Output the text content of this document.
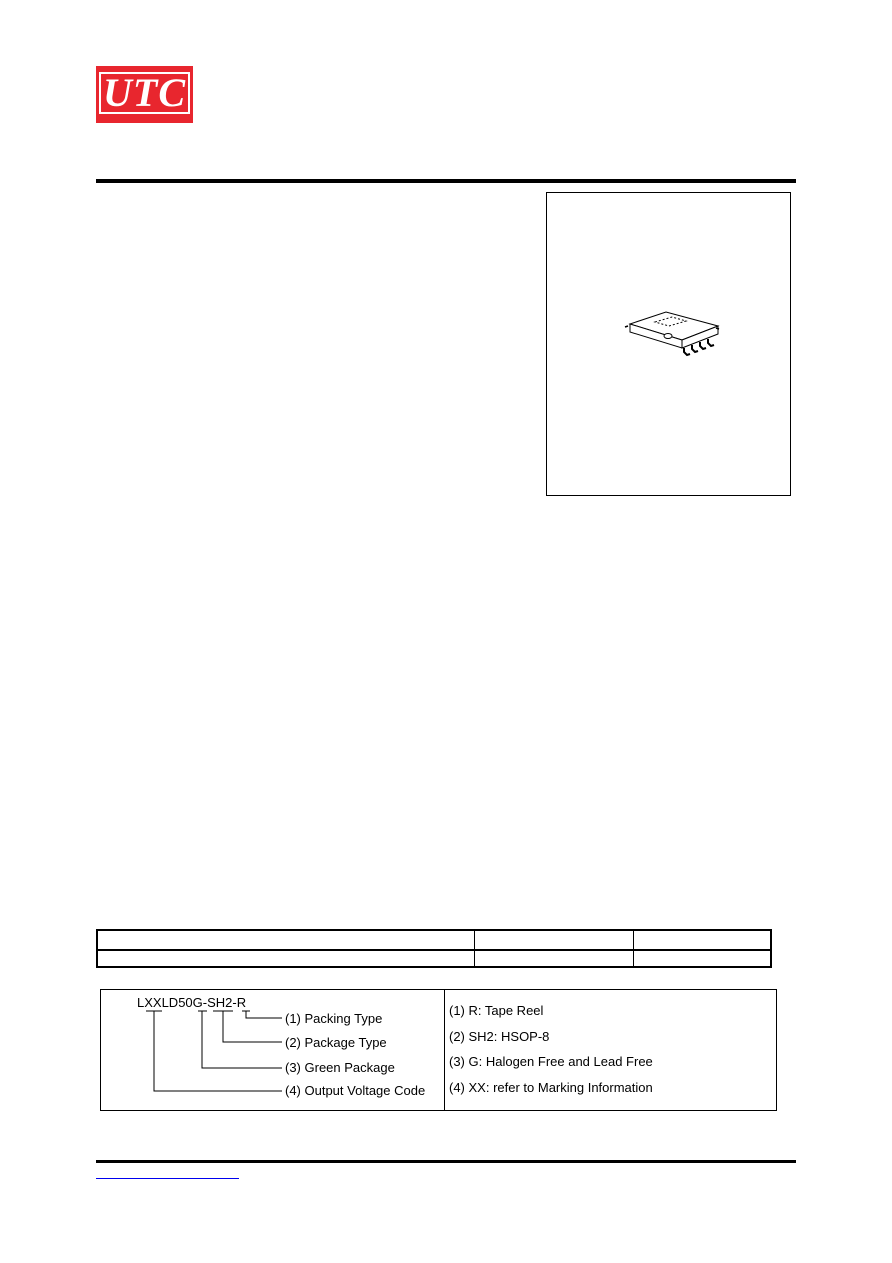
UTC
LXXLD50G-SH2-R
(1) Packing Type
(2) Package Type
(3) Green Package
(4) Output Voltage Code
(1) R: Tape Reel
(2) SH2: HSOP-8
(3) G: Halogen Free and Lead Free
(4) XX: refer to Marking Information
